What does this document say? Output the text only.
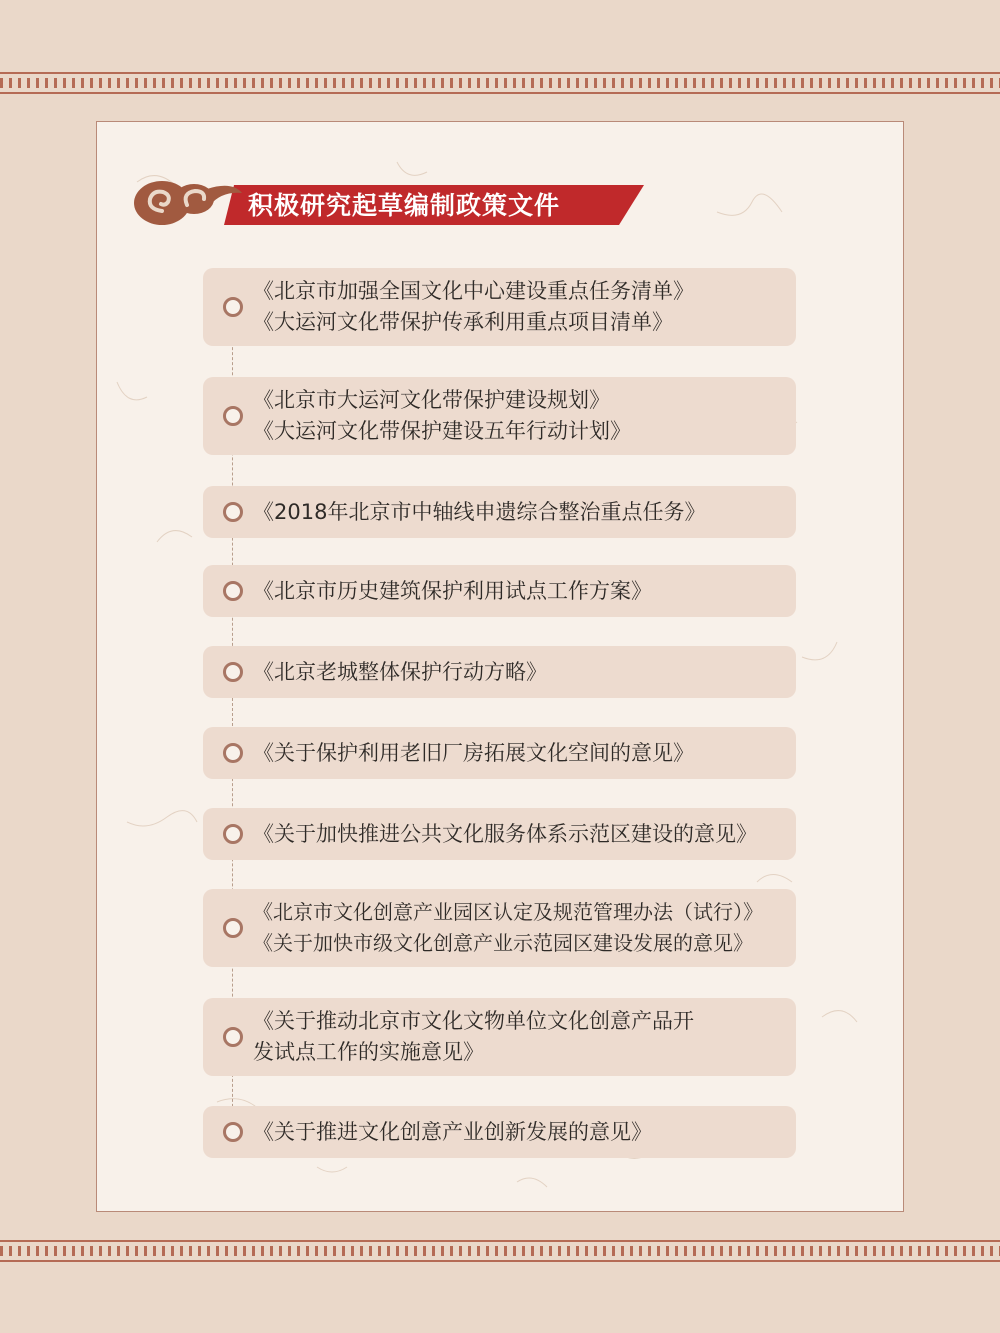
积极研究起草编制政策文件
《北京市加强全国文化中心建设重点任务清单》
《大运河文化带保护传承利用重点项目清单》
《北京市大运河文化带保护建设规划》
《大运河文化带保护建设五年行动计划》
《2018年北京市中轴线申遗综合整治重点任务》
《北京市历史建筑保护利用试点工作方案》
《北京老城整体保护行动方略》
《关于保护利用老旧厂房拓展文化空间的意见》
《关于加快推进公共文化服务体系示范区建设的意见》
《北京市文化创意产业园区认定及规范管理办法（试行）》
《关于加快市级文化创意产业示范园区建设发展的意见》
《关于推动北京市文化文物单位文化创意产品开
发试点工作的实施意见》
《关于推进文化创意产业创新发展的意见》
